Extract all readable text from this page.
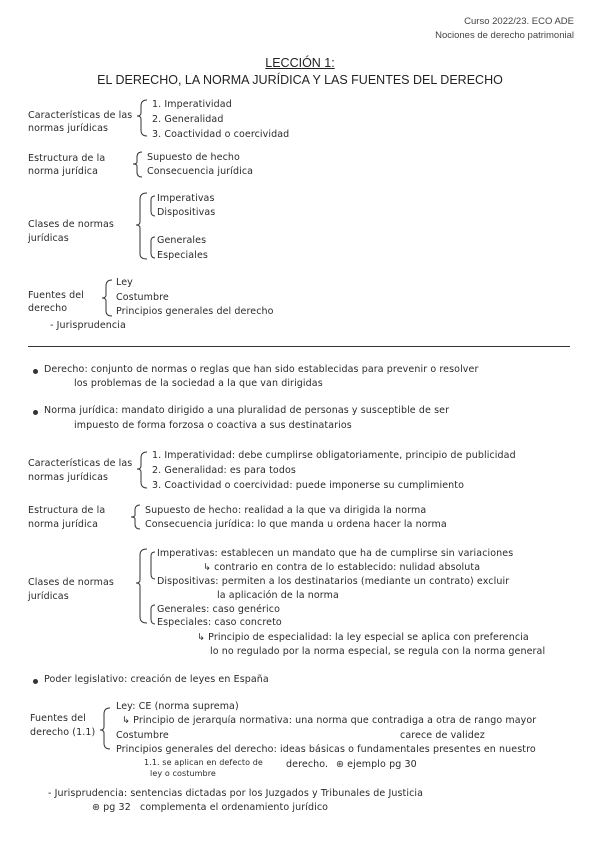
Curso 2022/23. ECO ADE
Nociones de derecho patrimonial
LECCIÓN 1:
EL DERECHO, LA NORMA JURÍDICA Y LAS FUENTES DEL DERECHO
Características de las
normas jurídicas
1. Imperatividad
2. Generalidad
3. Coactividad o coercividad
Estructura de la
norma jurídica
Supuesto de hecho
Consecuencia jurídica
Clases de normas
jurídicas
Imperativas
Dispositivas
Generales
Especiales
Fuentes del
derecho
Ley
Costumbre
Principios generales del derecho
- Jurisprudencia
Derecho: conjunto de normas o reglas que han sido establecidas para prevenir o resolver
los problemas de la sociedad a la que van dirigidas
Norma jurídica: mandato dirigido a una pluralidad de personas y susceptible de ser
impuesto de forma forzosa o coactiva a sus destinatarios
Características de las
normas jurídicas
1. Imperatividad: debe cumplirse obligatoriamente, principio de publicidad
2. Generalidad: es para todos
3. Coactividad o coercividad: puede imponerse su cumplimiento
Estructura de la
norma jurídica
Supuesto de hecho: realidad a la que va dirigida la norma
Consecuencia jurídica: lo que manda u ordena hacer la norma
Clases de normas
jurídicas
Imperativas: establecen un mandato que ha de cumplirse sin variaciones
↳ contrario en contra de lo establecido: nulidad absoluta
Dispositivas: permiten a los destinatarios (mediante un contrato) excluir
la aplicación de la norma
Generales: caso genérico
Especiales: caso concreto
↳ Principio de especialidad: la ley especial se aplica con preferencia
lo no regulado por la norma especial, se regula con la norma general
Poder legislativo: creación de leyes en España
Fuentes del
derecho (1.1)
Ley: CE (norma suprema)
↳ Principio de jerarquía normativa: una norma que contradiga a otra de rango mayor
Costumbre	carece de validez
Principios generales del derecho: ideas básicas o fundamentales presentes en nuestro
1.1. se aplican en defecto de
ley o costumbre
derecho. ⊛ ejemplo pg 30
- Jurisprudencia: sentencias dictadas por los Juzgados y Tribunales de Justicia
⊛ pg 32 complementa el ordenamiento jurídico
